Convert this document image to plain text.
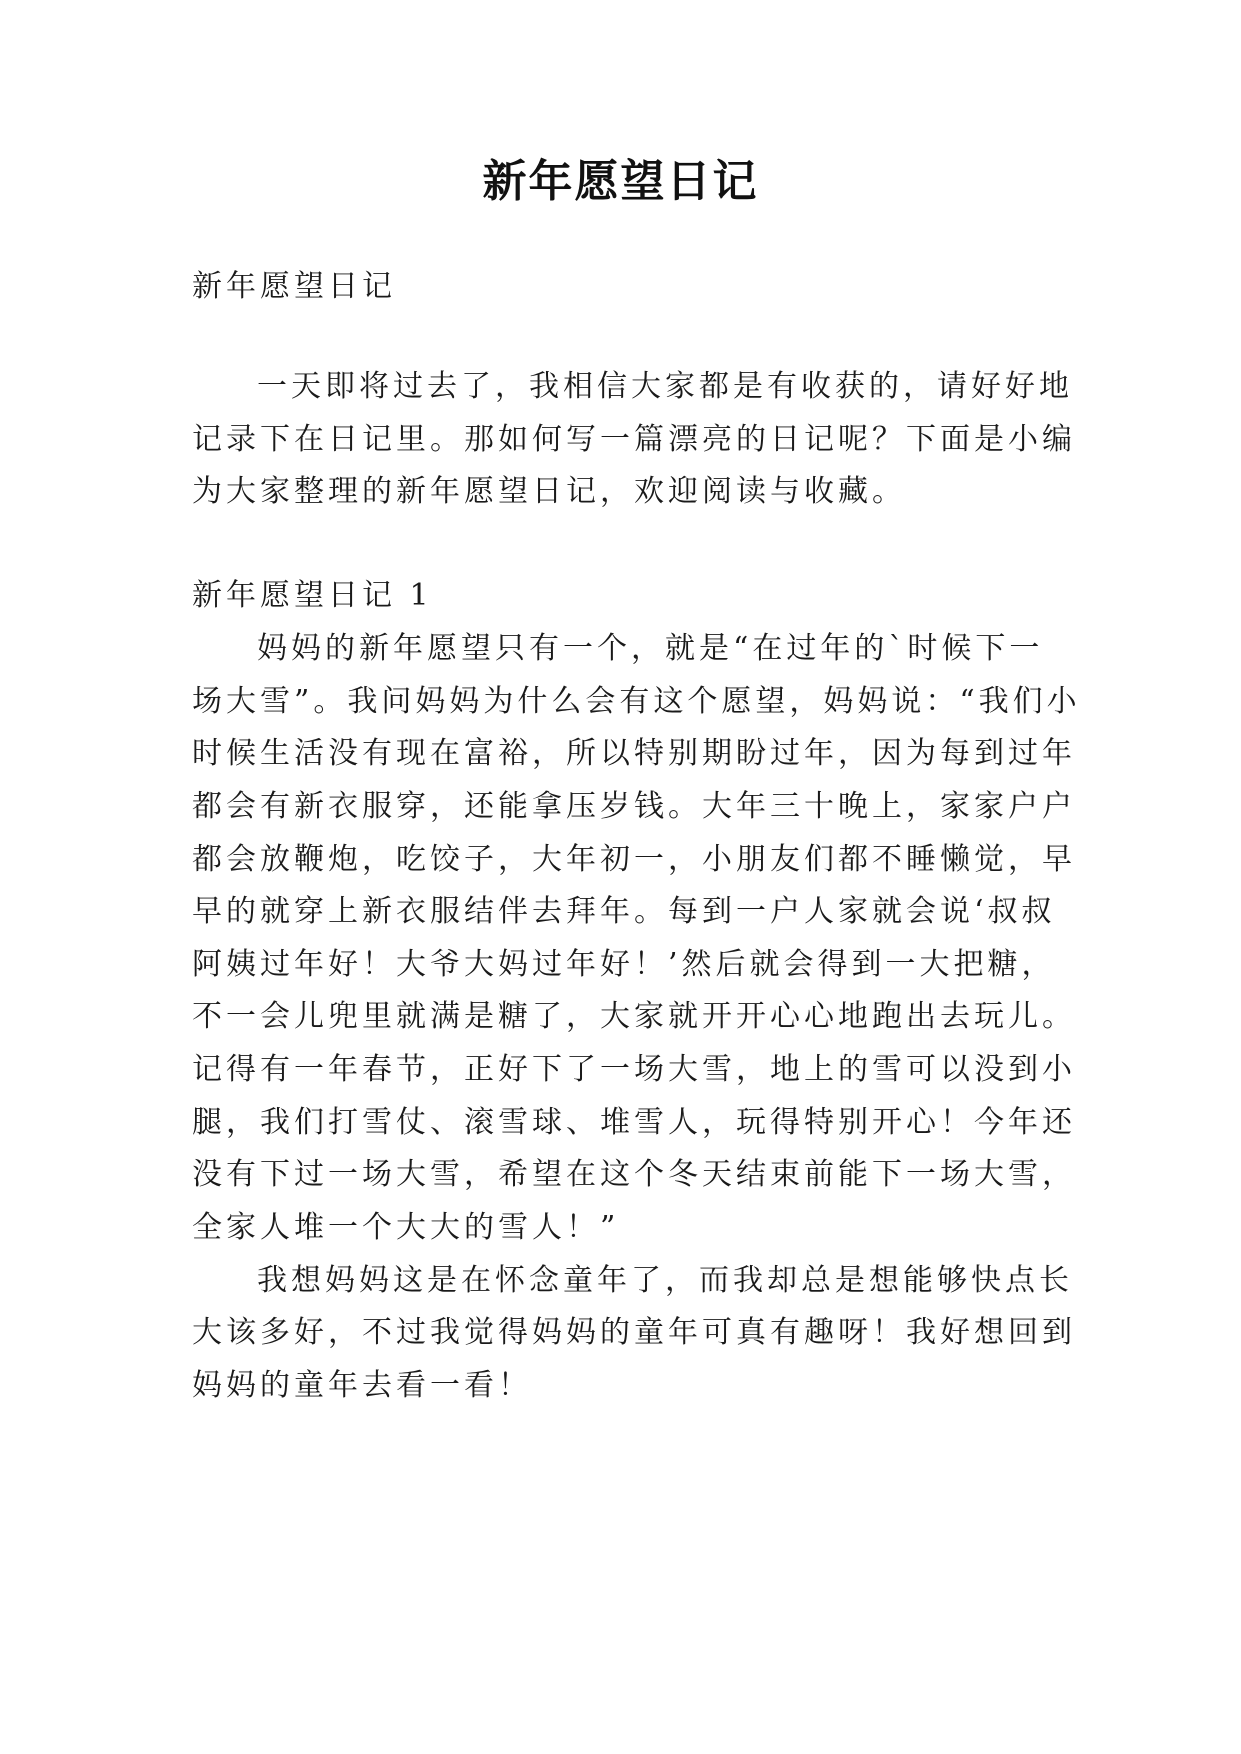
新年愿望日记
新年愿望日记
一天即将过去了，我相信大家都是有收获的，请好好地
记录下在日记里。那如何写一篇漂亮的日记呢？下面是小编
为大家整理的新年愿望日记，欢迎阅读与收藏。
新年愿望日记 1
妈妈的新年愿望只有一个，就是“在过年的`时候下一
场大雪”。我问妈妈为什么会有这个愿望，妈妈说：“我们小
时候生活没有现在富裕，所以特别期盼过年，因为每到过年
都会有新衣服穿，还能拿压岁钱。大年三十晚上，家家户户
都会放鞭炮，吃饺子，大年初一，小朋友们都不睡懒觉，早
早的就穿上新衣服结伴去拜年。每到一户人家就会说‘叔叔
阿姨过年好！大爷大妈过年好！’然后就会得到一大把糖，
不一会儿兜里就满是糖了，大家就开开心心地跑出去玩儿。
记得有一年春节，正好下了一场大雪，地上的雪可以没到小
腿，我们打雪仗、滚雪球、堆雪人，玩得特别开心！今年还
没有下过一场大雪，希望在这个冬天结束前能下一场大雪，
全家人堆一个大大的雪人！”
我想妈妈这是在怀念童年了，而我却总是想能够快点长
大该多好，不过我觉得妈妈的童年可真有趣呀！我好想回到
妈妈的童年去看一看！
